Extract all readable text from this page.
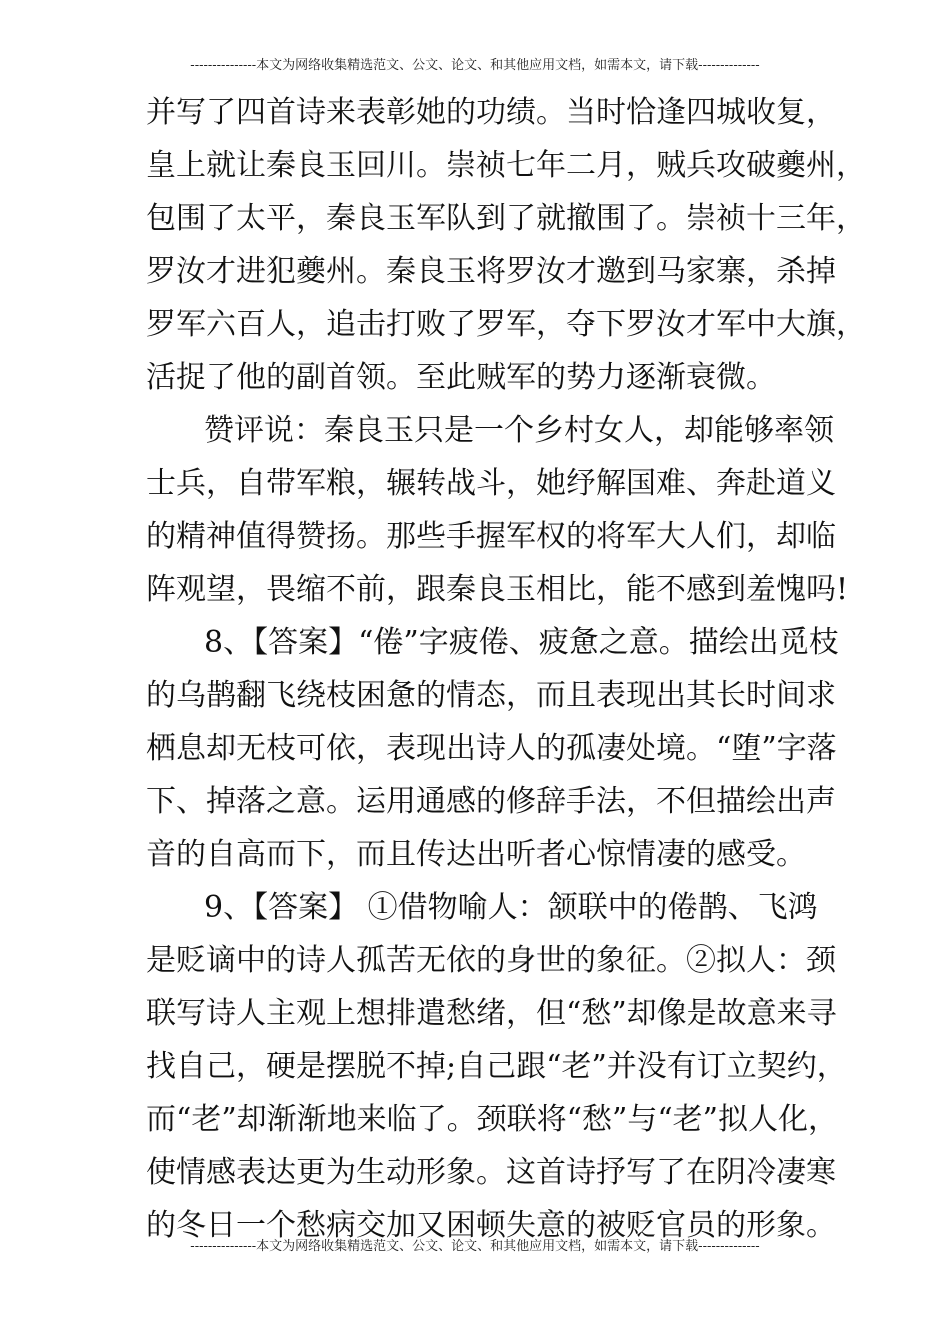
---------------本文为网络收集精选范文、公文、论文、和其他应用文档，如需本文，请下载--------------
并写了四首诗来表彰她的功绩。当时恰逢四城收复，
皇上就让秦良玉回川。崇祯七年二月，贼兵攻破夔州，
包围了太平，秦良玉军队到了就撤围了。崇祯十三年，
罗汝才进犯夔州。秦良玉将罗汝才邀到马家寨，杀掉
罗军六百人，追击打败了罗军，夺下罗汝才军中大旗，
活捉了他的副首领。至此贼军的势力逐渐衰微。
赞评说：秦良玉只是一个乡村女人，却能够率领
士兵，自带军粮，辗转战斗，她纾解国难、奔赴道义
的精神值得赞扬。那些手握军权的将军大人们，却临
阵观望，畏缩不前，跟秦良玉相比，能不感到羞愧吗!
8、【答案】“倦”字疲倦、疲惫之意。描绘出觅枝
的乌鹊翻飞绕枝困惫的情态，而且表现出其长时间求
栖息却无枝可依，表现出诗人的孤凄处境。“堕”字落
下、掉落之意。运用通感的修辞手法，不但描绘出声
音的自高而下，而且传达出听者心惊情凄的感受。
9、【答案】 ①借物喻人：颔联中的倦鹊、飞鸿
是贬谪中的诗人孤苦无依的身世的象征。②拟人：颈
联写诗人主观上想排遣愁绪，但“愁”却像是故意来寻
找自己，硬是摆脱不掉;自己跟“老”并没有订立契约，
而“老”却渐渐地来临了。颈联将“愁”与“老”拟人化，
使情感表达更为生动形象。这首诗抒写了在阴冷凄寒
的冬日一个愁病交加又困顿失意的被贬官员的形象。
---------------本文为网络收集精选范文、公文、论文、和其他应用文档，如需本文，请下载--------------
